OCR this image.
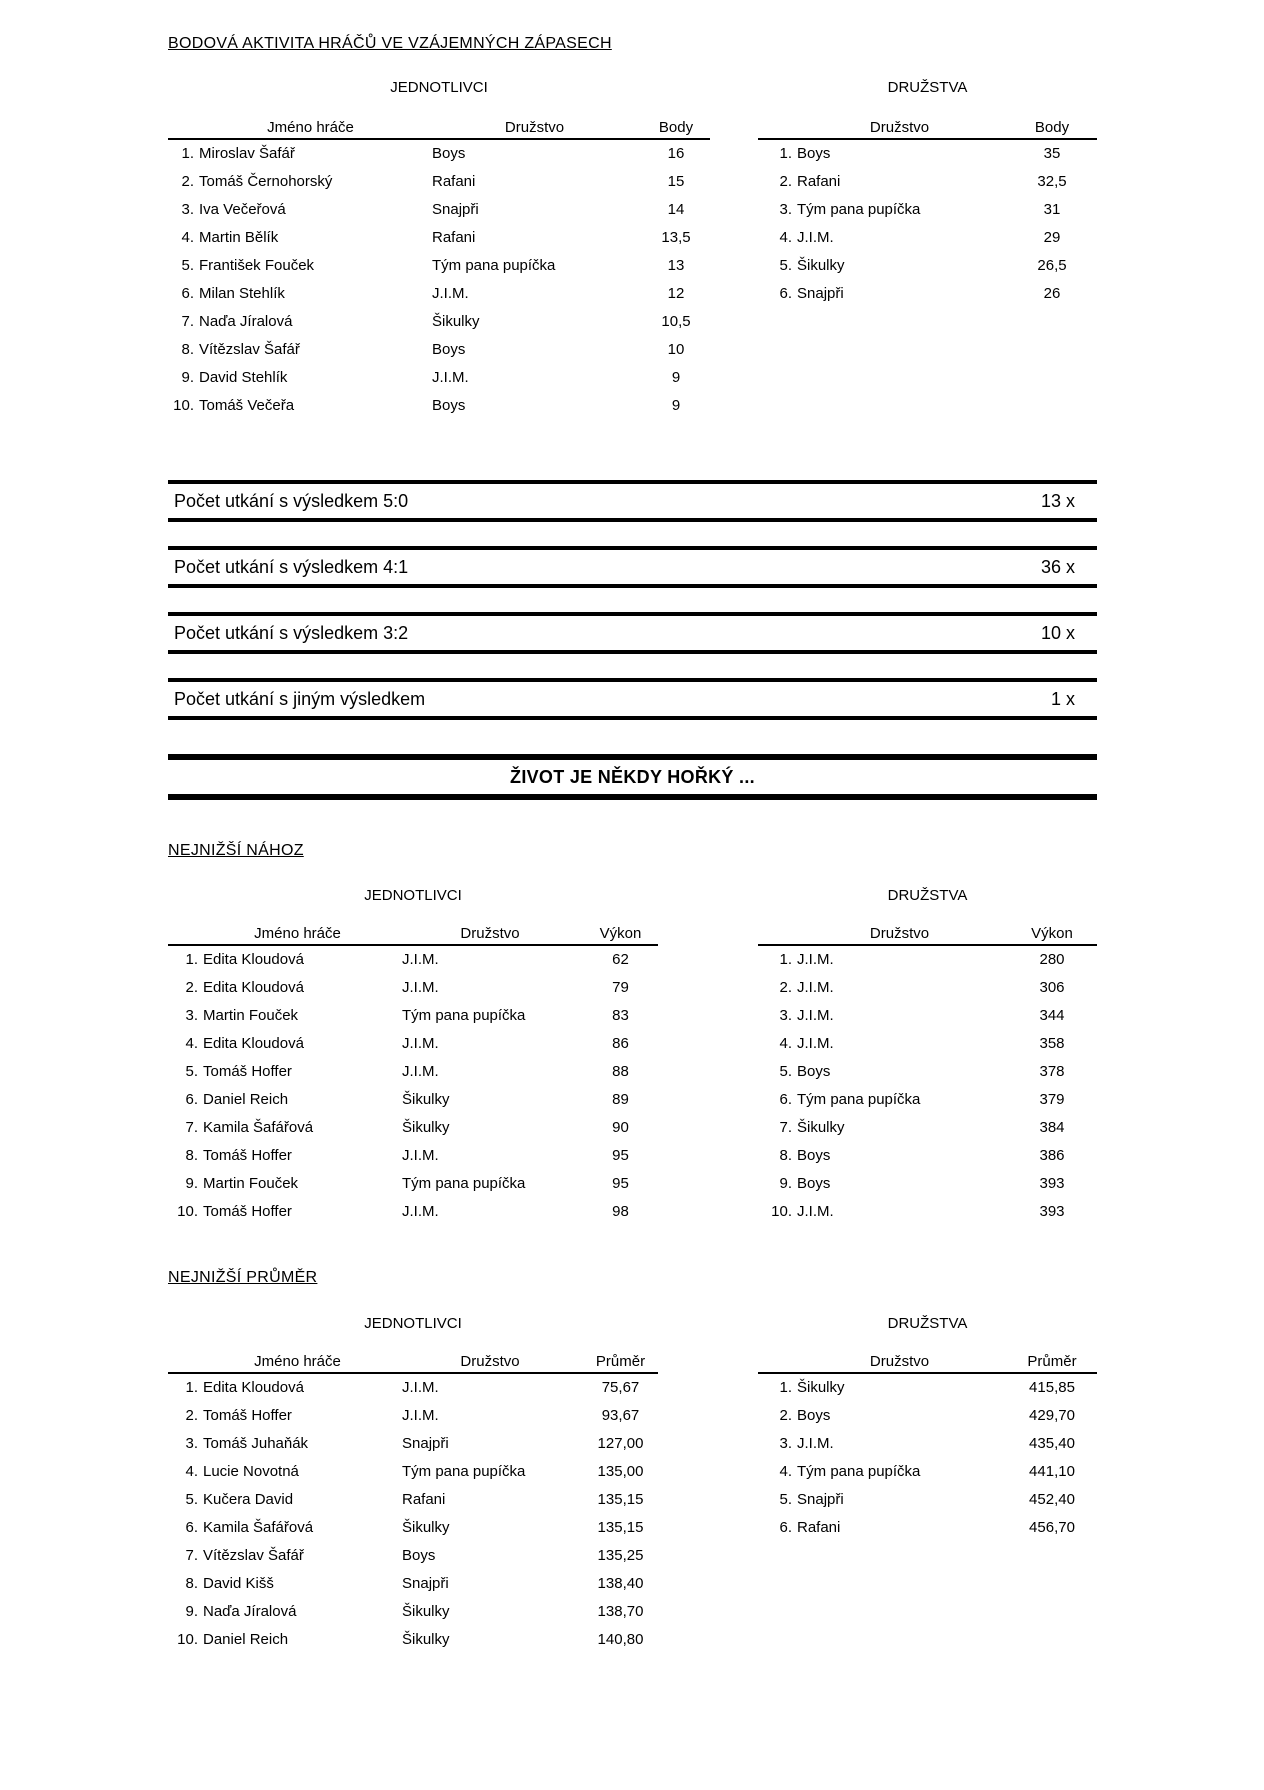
BODOVÁ AKTIVITA HRÁČŮ VE VZÁJEMNÝCH ZÁPASECH
JEDNOTLIVCI	DRUŽSTVA
	Jméno hráče	Družstvo	Body
1.	Miroslav Šafář	Boys	16
2.	Tomáš Černohorský	Rafani	15
3.	Iva Večeřová	Snajpři	14
4.	Martin Bělík	Rafani	13,5
5.	František Fouček	Tým pana pupíčka	13
6.	Milan Stehlík	J.I.M.	12
7.	Naďa Jíralová	Šikulky	10,5
8.	Vítězslav Šafář	Boys	10
9.	David Stehlík	J.I.M.	9
10.	Tomáš Večeřa	Boys	9
	Družstvo	Body
1.	Boys	35
2.	Rafani	32,5
3.	Tým pana pupíčka	31
4.	J.I.M.	29
5.	Šikulky	26,5
6.	Snajpři	26
Počet utkání s výsledkem 5:0	13 x
Počet utkání s výsledkem 4:1	36 x
Počet utkání s výsledkem 3:2	10 x
Počet utkání s jiným výsledkem	1 x
ŽIVOT JE NĚKDY HOŘKÝ ...
NEJNIŽŠÍ NÁHOZ
JEDNOTLIVCI	DRUŽSTVA
	Jméno hráče	Družstvo	Výkon
1.	Edita Kloudová	J.I.M.	62
2.	Edita Kloudová	J.I.M.	79
3.	Martin Fouček	Tým pana pupíčka	83
4.	Edita Kloudová	J.I.M.	86
5.	Tomáš Hoffer	J.I.M.	88
6.	Daniel Reich	Šikulky	89
7.	Kamila Šafářová	Šikulky	90
8.	Tomáš Hoffer	J.I.M.	95
9.	Martin Fouček	Tým pana pupíčka	95
10.	Tomáš Hoffer	J.I.M.	98
	Družstvo	Výkon
1.	J.I.M.	280
2.	J.I.M.	306
3.	J.I.M.	344
4.	J.I.M.	358
5.	Boys	378
6.	Tým pana pupíčka	379
7.	Šikulky	384
8.	Boys	386
9.	Boys	393
10.	J.I.M.	393
NEJNIŽŠÍ PRŮMĚR
JEDNOTLIVCI	DRUŽSTVA
	Jméno hráče	Družstvo	Průměr
1.	Edita Kloudová	J.I.M.	75,67
2.	Tomáš Hoffer	J.I.M.	93,67
3.	Tomáš Juhaňák	Snajpři	127,00
4.	Lucie Novotná	Tým pana pupíčka	135,00
5.	Kučera David	Rafani	135,15
6.	Kamila Šafářová	Šikulky	135,15
7.	Vítězslav Šafář	Boys	135,25
8.	David Kišš	Snajpři	138,40
9.	Naďa Jíralová	Šikulky	138,70
10.	Daniel Reich	Šikulky	140,80
	Družstvo	Průměr
1.	Šikulky	415,85
2.	Boys	429,70
3.	J.I.M.	435,40
4.	Tým pana pupíčka	441,10
5.	Snajpři	452,40
6.	Rafani	456,70
